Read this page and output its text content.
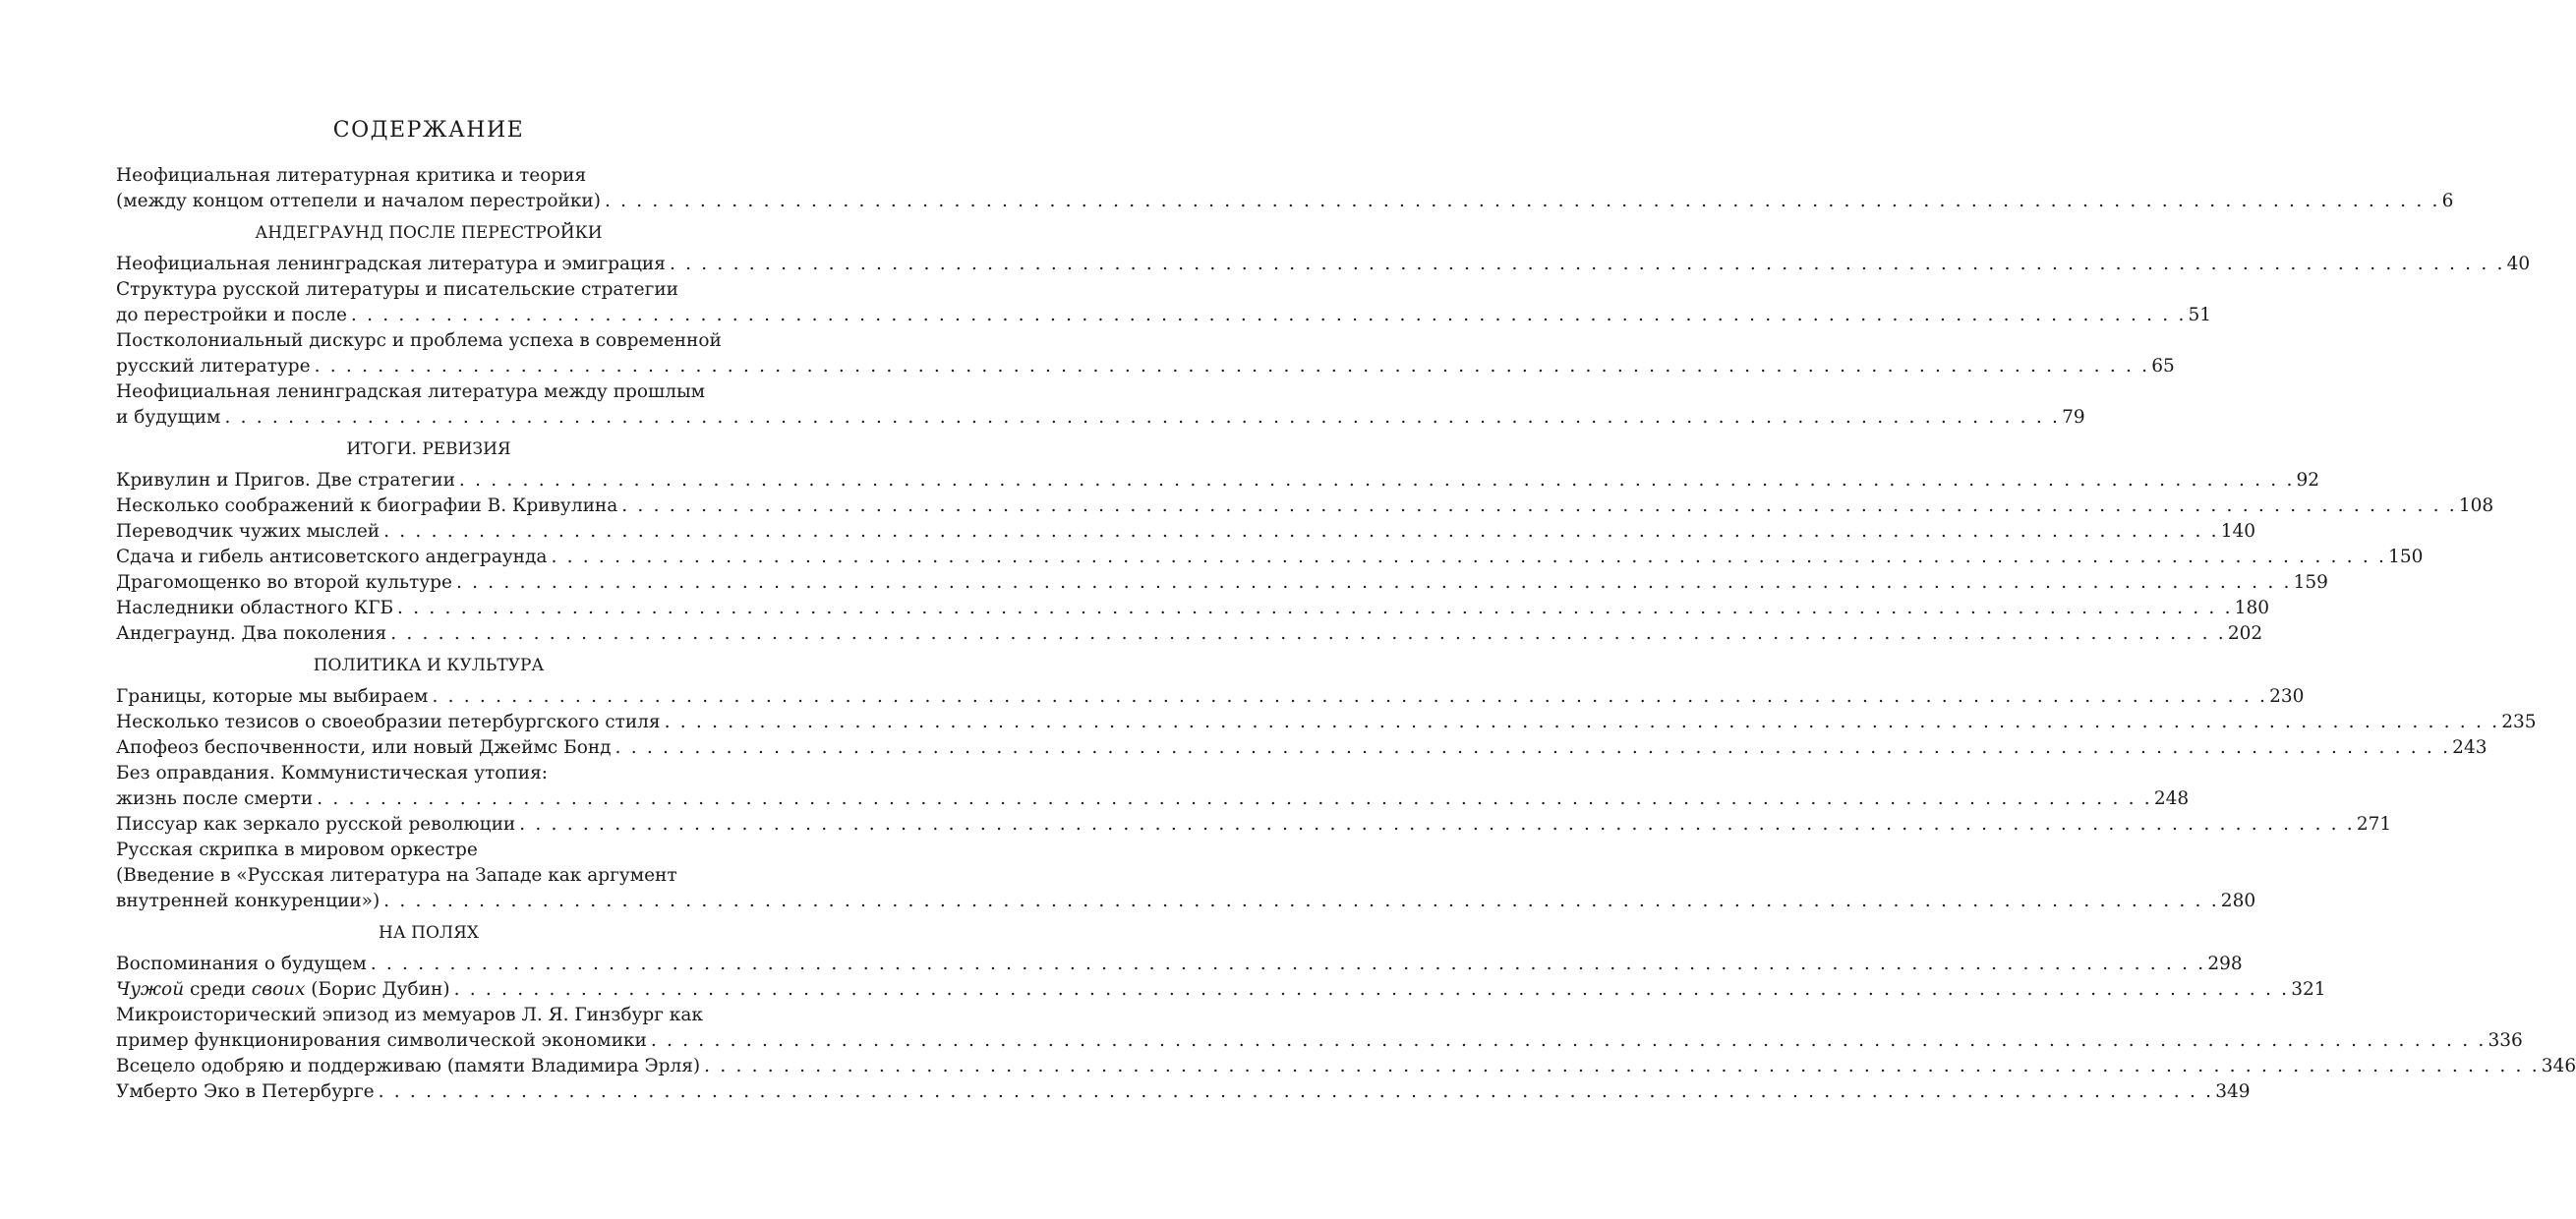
СОДЕРЖАНИЕ
Неофициальная литературная критика и теория
(между концом оттепели и началом перестройки) . . . . . . . . . . . . . . . . . . . . . . . . . . . . . . . . . . . . . . . . . . . . . . . . . . . . . . . . . . . . . . . . . . . . . . . . . . . . . . . . . . . . . . . . . . . . . . . . . . . . . . . . . . . . . . . . . . . . 6
АНДЕГРАУНД ПОСЛЕ ПЕРЕСТРОЙКИ
Неофициальная ленинградская литература и эмиграция . . . . . . . . . . . . . . . . . . . . . . . . . . . . . . . . . . . . . . . . . . . . . . . . . . . . . . . . . . . . . . . . . . . . . . . . . . . . . . . . . . . . . . . . . . . . . . . . . . . . . . . . . . . . . . . . . . . . 40
Структура русской литературы и писательские стратегии
до перестройки и после . . . . . . . . . . . . . . . . . . . . . . . . . . . . . . . . . . . . . . . . . . . . . . . . . . . . . . . . . . . . . . . . . . . . . . . . . . . . . . . . . . . . . . . . . . . . . . . . . . . . . . . . . . . . . . . . . . . . 51
Постколониальный дискурс и проблема успеха в современной
русский литературе . . . . . . . . . . . . . . . . . . . . . . . . . . . . . . . . . . . . . . . . . . . . . . . . . . . . . . . . . . . . . . . . . . . . . . . . . . . . . . . . . . . . . . . . . . . . . . . . . . . . . . . . . . . . . . . . . . . . 65
Неофициальная ленинградская литература между прошлым
и будущим . . . . . . . . . . . . . . . . . . . . . . . . . . . . . . . . . . . . . . . . . . . . . . . . . . . . . . . . . . . . . . . . . . . . . . . . . . . . . . . . . . . . . . . . . . . . . . . . . . . . . . . . . . . . . . . . . . . . 79
ИТОГИ. РЕВИЗИЯ
Кривулин и Пригов. Две стратегии . . . . . . . . . . . . . . . . . . . . . . . . . . . . . . . . . . . . . . . . . . . . . . . . . . . . . . . . . . . . . . . . . . . . . . . . . . . . . . . . . . . . . . . . . . . . . . . . . . . . . . . . . . . . . . . . . . . . 92
Несколько соображений к биографии В. Кривулина . . . . . . . . . . . . . . . . . . . . . . . . . . . . . . . . . . . . . . . . . . . . . . . . . . . . . . . . . . . . . . . . . . . . . . . . . . . . . . . . . . . . . . . . . . . . . . . . . . . . . . . . . . . . . . . . . . . . 108
Переводчик чужих мыслей . . . . . . . . . . . . . . . . . . . . . . . . . . . . . . . . . . . . . . . . . . . . . . . . . . . . . . . . . . . . . . . . . . . . . . . . . . . . . . . . . . . . . . . . . . . . . . . . . . . . . . . . . . . . . . . . . . . . 140
Сдача и гибель антисоветского андеграунда . . . . . . . . . . . . . . . . . . . . . . . . . . . . . . . . . . . . . . . . . . . . . . . . . . . . . . . . . . . . . . . . . . . . . . . . . . . . . . . . . . . . . . . . . . . . . . . . . . . . . . . . . . . . . . . . . . . . 150
Драгомощенко во второй культуре . . . . . . . . . . . . . . . . . . . . . . . . . . . . . . . . . . . . . . . . . . . . . . . . . . . . . . . . . . . . . . . . . . . . . . . . . . . . . . . . . . . . . . . . . . . . . . . . . . . . . . . . . . . . . . . . . . . . 159
Наследники областного КГБ . . . . . . . . . . . . . . . . . . . . . . . . . . . . . . . . . . . . . . . . . . . . . . . . . . . . . . . . . . . . . . . . . . . . . . . . . . . . . . . . . . . . . . . . . . . . . . . . . . . . . . . . . . . . . . . . . . . . 180
Андеграунд. Два поколения . . . . . . . . . . . . . . . . . . . . . . . . . . . . . . . . . . . . . . . . . . . . . . . . . . . . . . . . . . . . . . . . . . . . . . . . . . . . . . . . . . . . . . . . . . . . . . . . . . . . . . . . . . . . . . . . . . . . 202
ПОЛИТИКА И КУЛЬТУРА
Границы, которые мы выбираем . . . . . . . . . . . . . . . . . . . . . . . . . . . . . . . . . . . . . . . . . . . . . . . . . . . . . . . . . . . . . . . . . . . . . . . . . . . . . . . . . . . . . . . . . . . . . . . . . . . . . . . . . . . . . . . . . . . . 230
Несколько тезисов о своеобразии петербургского стиля . . . . . . . . . . . . . . . . . . . . . . . . . . . . . . . . . . . . . . . . . . . . . . . . . . . . . . . . . . . . . . . . . . . . . . . . . . . . . . . . . . . . . . . . . . . . . . . . . . . . . . . . . . . . . . . . . . . . 235
Апофеоз беспочвенности, или новый Джеймс Бонд . . . . . . . . . . . . . . . . . . . . . . . . . . . . . . . . . . . . . . . . . . . . . . . . . . . . . . . . . . . . . . . . . . . . . . . . . . . . . . . . . . . . . . . . . . . . . . . . . . . . . . . . . . . . . . . . . . . . 243
Без оправдания. Коммунистическая утопия:
жизнь после смерти . . . . . . . . . . . . . . . . . . . . . . . . . . . . . . . . . . . . . . . . . . . . . . . . . . . . . . . . . . . . . . . . . . . . . . . . . . . . . . . . . . . . . . . . . . . . . . . . . . . . . . . . . . . . . . . . . . . . 248
Писсуар как зеркало русской революции . . . . . . . . . . . . . . . . . . . . . . . . . . . . . . . . . . . . . . . . . . . . . . . . . . . . . . . . . . . . . . . . . . . . . . . . . . . . . . . . . . . . . . . . . . . . . . . . . . . . . . . . . . . . . . . . . . . . 271
Русская скрипка в мировом оркестре
(Введение в «Русская литература на Западе как аргумент
внутренней конкуренции») . . . . . . . . . . . . . . . . . . . . . . . . . . . . . . . . . . . . . . . . . . . . . . . . . . . . . . . . . . . . . . . . . . . . . . . . . . . . . . . . . . . . . . . . . . . . . . . . . . . . . . . . . . . . . . . . . . . . 280
НА ПОЛЯХ
Воспоминания о будущем . . . . . . . . . . . . . . . . . . . . . . . . . . . . . . . . . . . . . . . . . . . . . . . . . . . . . . . . . . . . . . . . . . . . . . . . . . . . . . . . . . . . . . . . . . . . . . . . . . . . . . . . . . . . . . . . . . . . 298
Чужой среди своих (Борис Дубин) . . . . . . . . . . . . . . . . . . . . . . . . . . . . . . . . . . . . . . . . . . . . . . . . . . . . . . . . . . . . . . . . . . . . . . . . . . . . . . . . . . . . . . . . . . . . . . . . . . . . . . . . . . . . . . . . . . . . 321
Микроисторический эпизод из мемуаров Л. Я. Гинзбург как
пример функционирования символической экономики . . . . . . . . . . . . . . . . . . . . . . . . . . . . . . . . . . . . . . . . . . . . . . . . . . . . . . . . . . . . . . . . . . . . . . . . . . . . . . . . . . . . . . . . . . . . . . . . . . . . . . . . . . . . . . . . . . . . 336
Всецело одобряю и поддерживаю (памяти Владимира Эрля) . . . . . . . . . . . . . . . . . . . . . . . . . . . . . . . . . . . . . . . . . . . . . . . . . . . . . . . . . . . . . . . . . . . . . . . . . . . . . . . . . . . . . . . . . . . . . . . . . . . . . . . . . . . . . . . . . . . . 346
Умберто Эко в Петербурге . . . . . . . . . . . . . . . . . . . . . . . . . . . . . . . . . . . . . . . . . . . . . . . . . . . . . . . . . . . . . . . . . . . . . . . . . . . . . . . . . . . . . . . . . . . . . . . . . . . . . . . . . . . . . . . . . . . . 349
